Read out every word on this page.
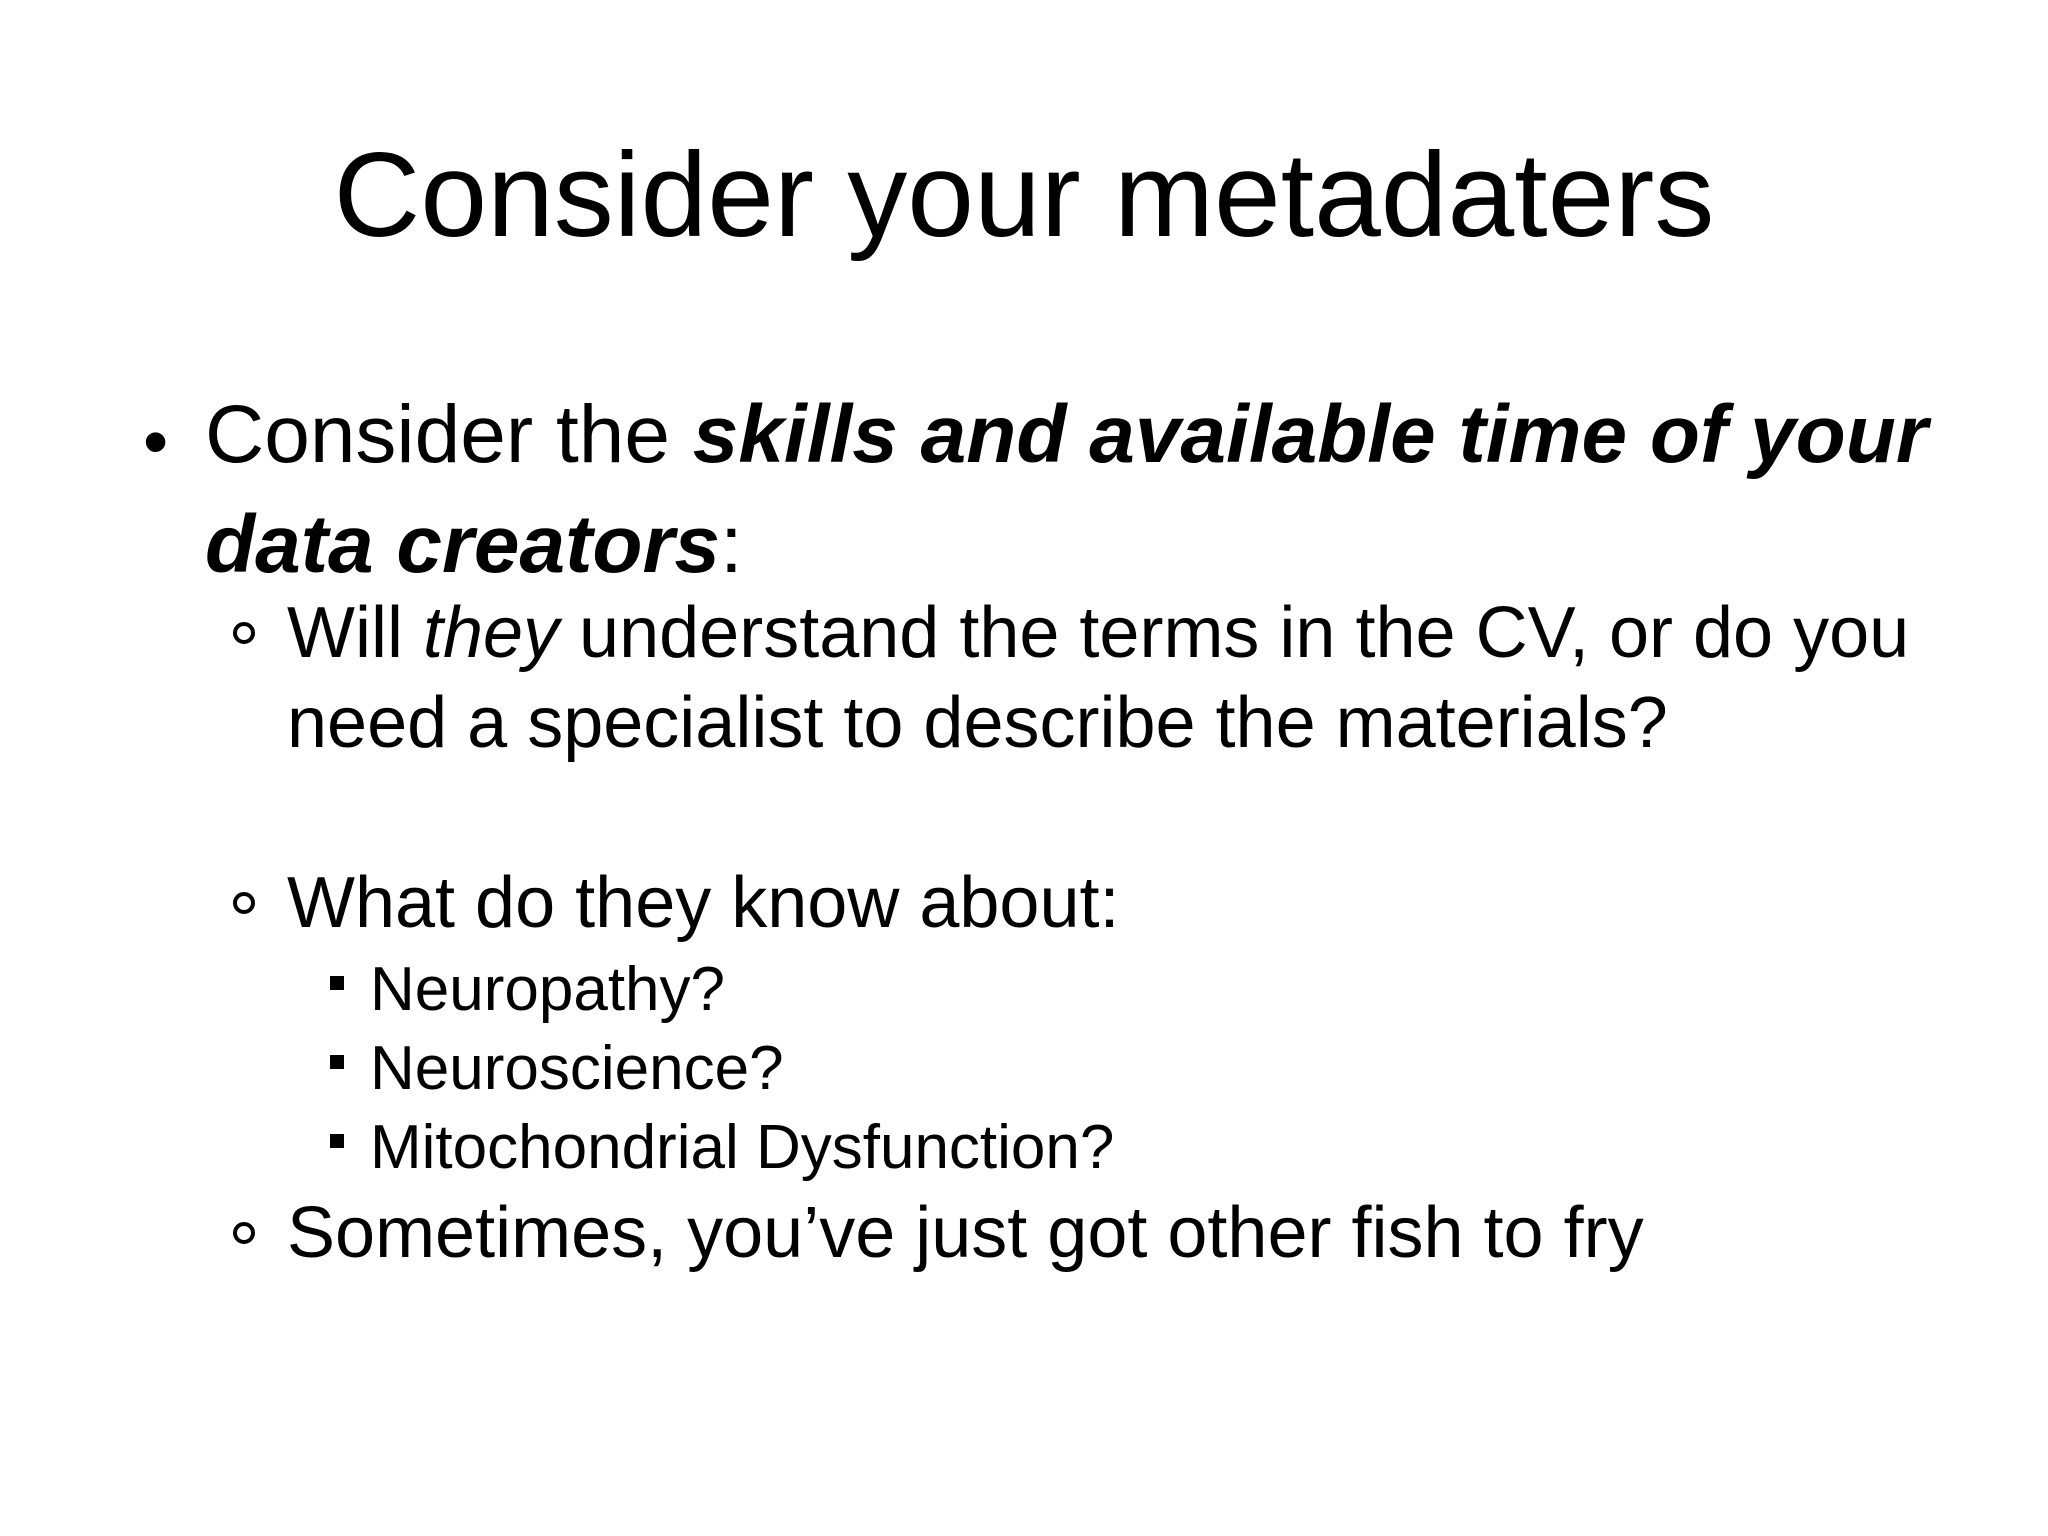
Consider your metadaters
• Consider the skills and available time of your data creators:
Will they understand the terms in the CV, or do you need a specialist to describe the materials?
What do they know about:
Neuropathy?
Neuroscience?
Mitochondrial Dysfunction?
Sometimes, you’ve just got other fish to fry
